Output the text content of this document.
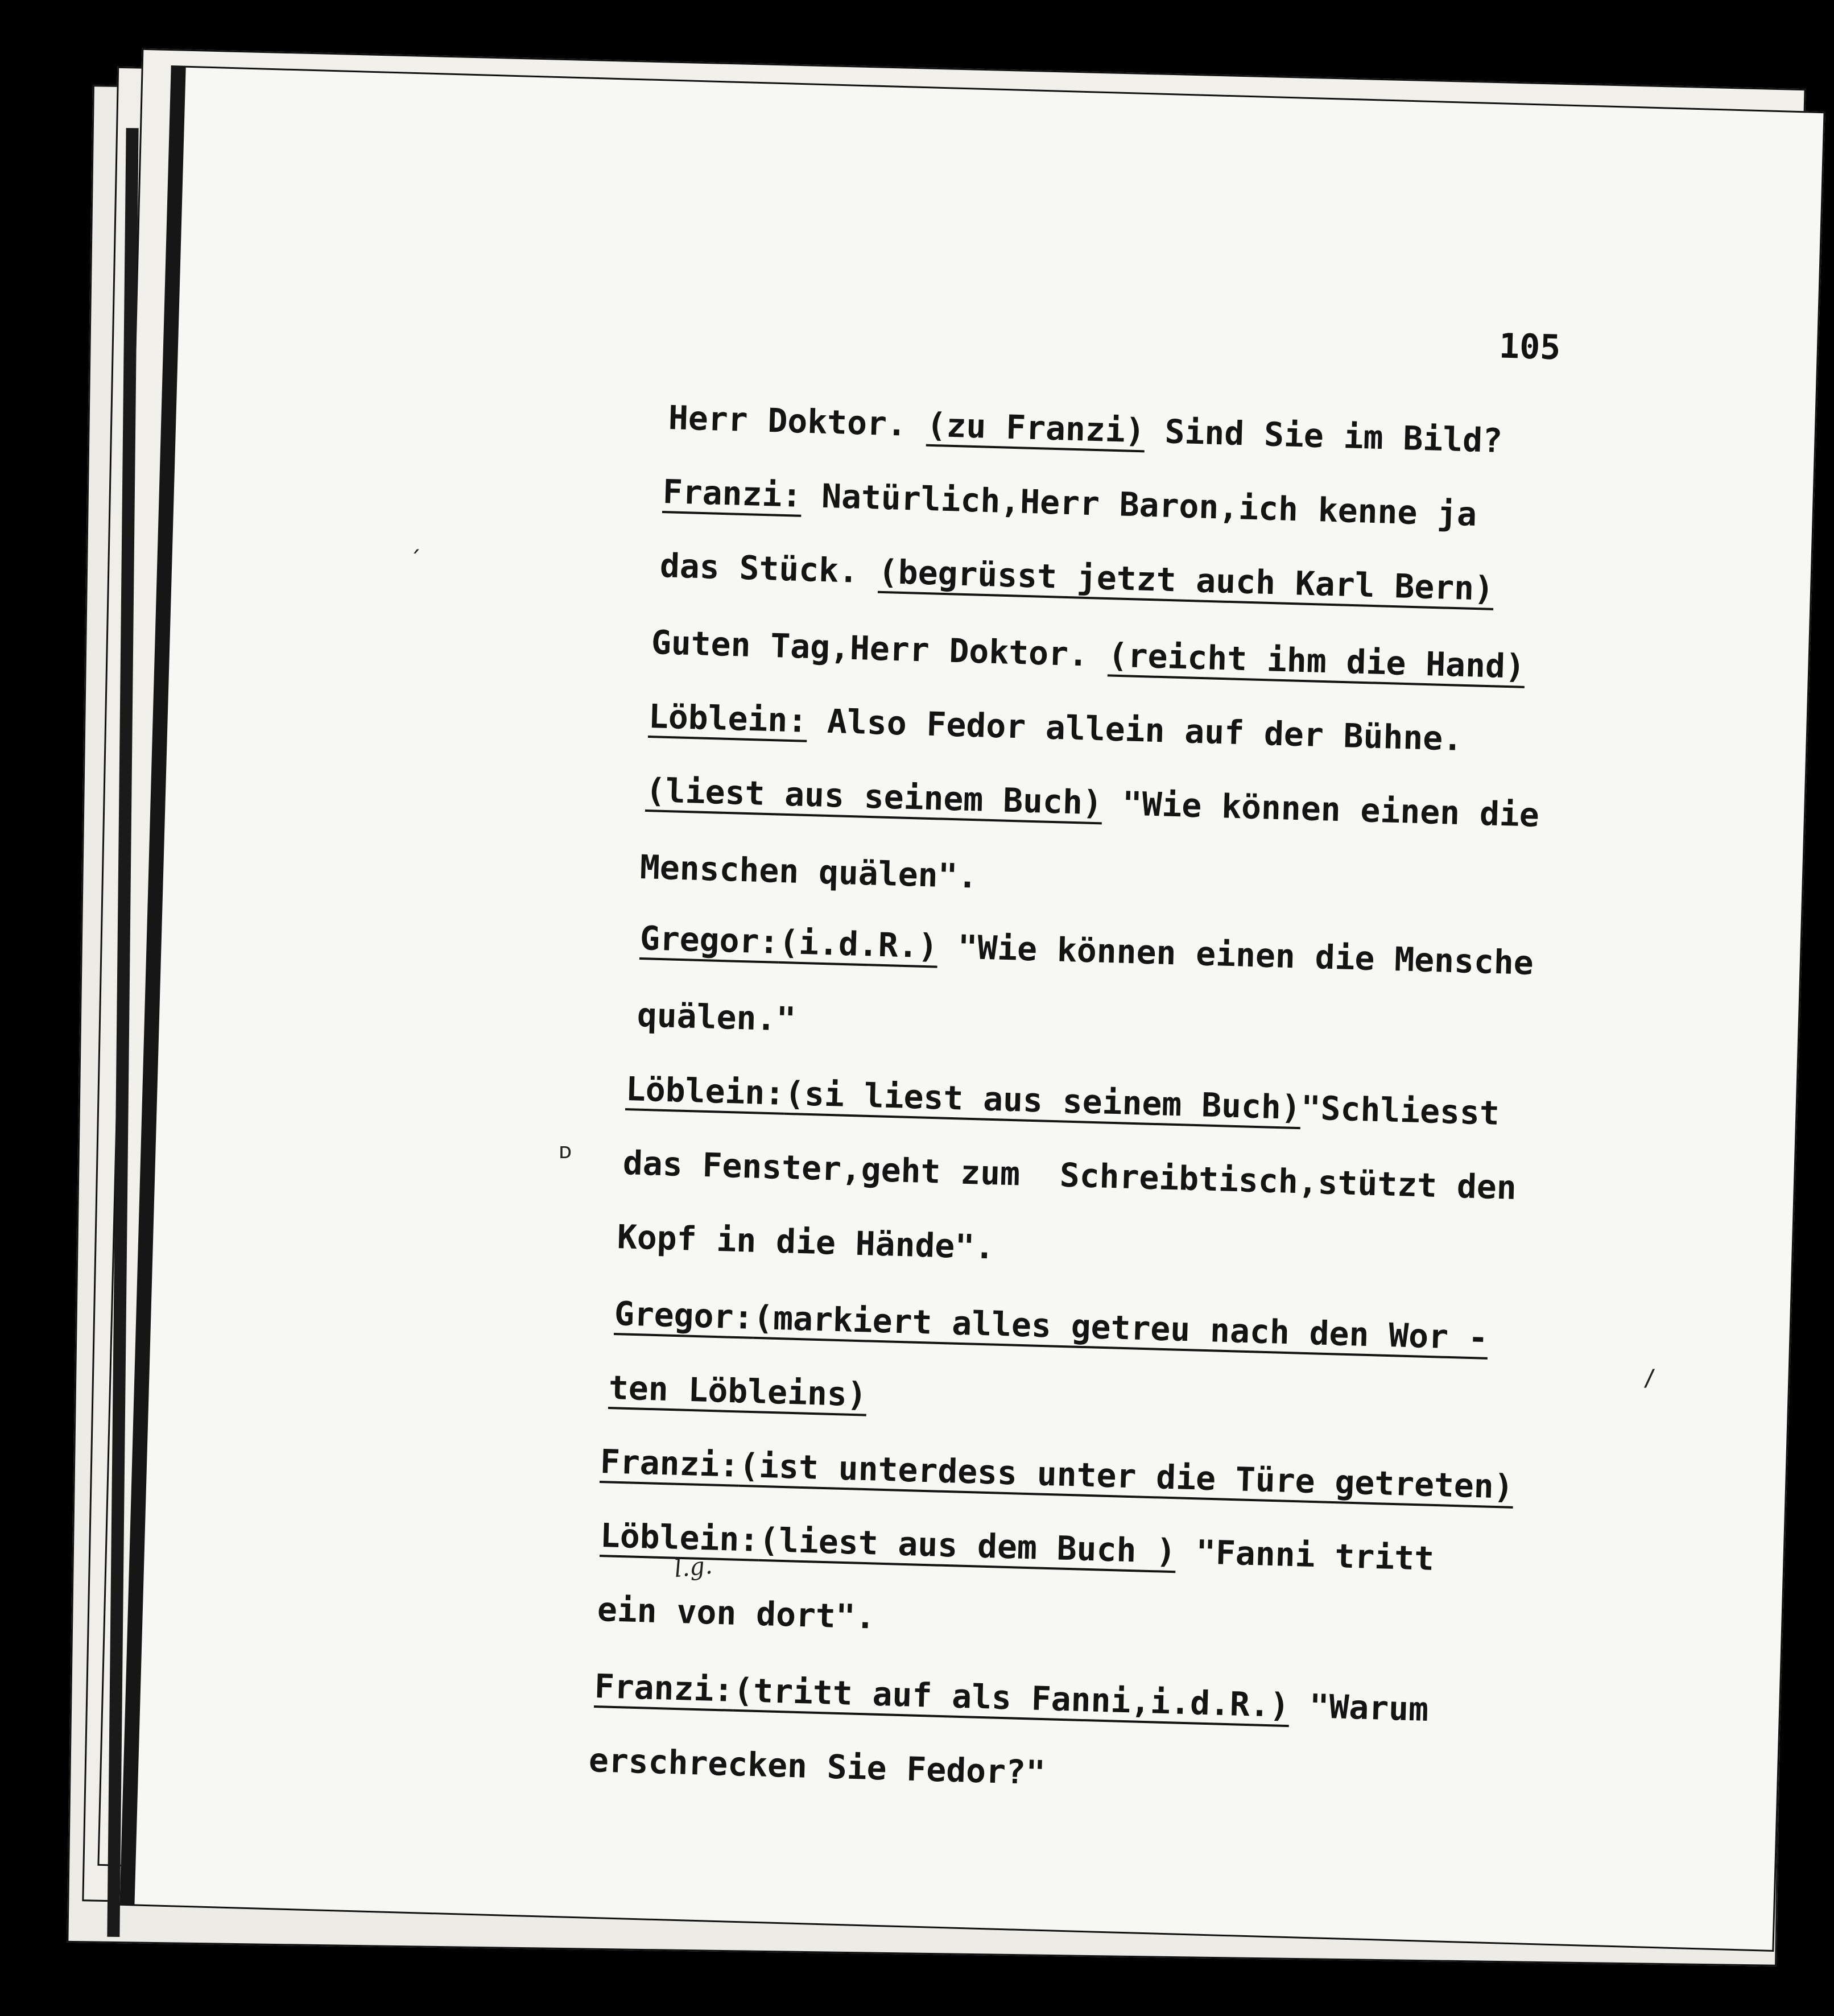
105
Herr Doktor. (zu Franzi) Sind Sie im Bild?
Franzi: Natürlich,Herr Baron,ich kenne ja
das Stück. (begrüsst jetzt auch Karl Bern)
Guten Tag,Herr Doktor. (reicht ihm die Hand)
Löblein: Also Fedor allein auf der Bühne.
(liest aus seinem Buch) "Wie können einen die
Menschen quälen".
Gregor:(i.d.R.) "Wie können einen die Mensche
quälen."
Löblein:(si liest aus seinem Buch)"Schliesst
das Fenster,geht zum  Schreibtisch,stützt den
Kopf in die Hände".
Gregor:(markiert alles getreu nach den Wor -
ten Löbleins)
Franzi:(ist unterdess unter die Türe getreten)
Löblein:(liest aus dem Buch ) "Fanni tritt
ein von dort".
Franzi:(tritt auf als Fanni,i.d.R.) "Warum
erschrecken Sie Fedor?"
l.g.
´
ᴅ
/
